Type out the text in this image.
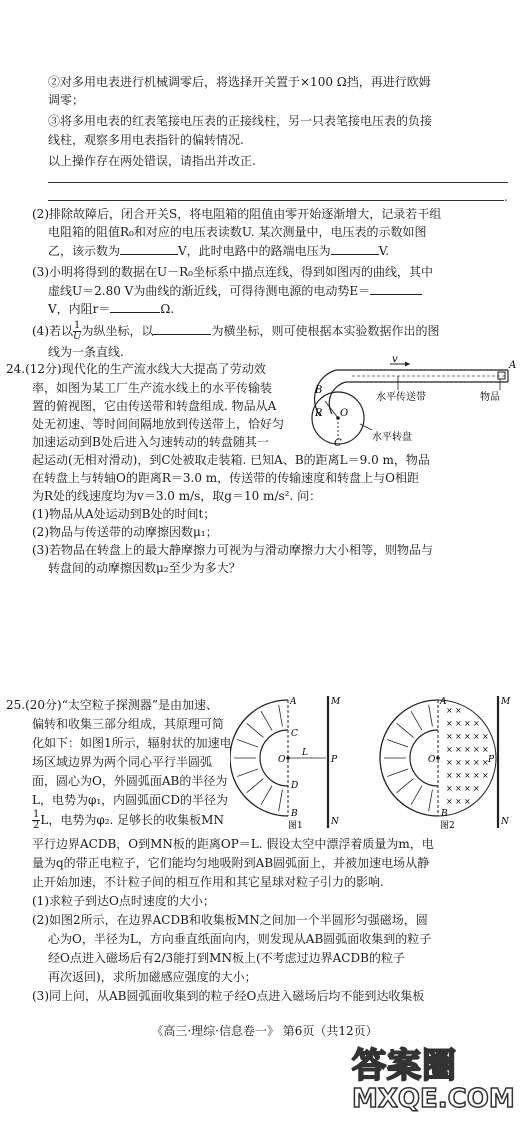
②对多用电表进行机械调零后，将选择开关置于×100 Ω挡，再进行欧姆
调零；
③将多用电表的红表笔接电压表的正接线柱，另一只表笔接电压表的负接
线柱，观察多用电表指针的偏转情况.
以上操作存在两处错误，请指出并改正.
.
(2)排除故障后，闭合开关S，将电阻箱的阻值由零开始逐渐增大，记录若干组
电阻箱的阻值R₀和对应的电压表读数U. 某次测量中，电压表的示数如图
乙，该示数为	V，此时电路中的路端电压为	V.
(3)小明将得到的数据在U－R₀坐标系中描点连线，得到如图丙的曲线，其中
虚线U＝2.80 V为曲线的渐近线，可得待测电源的电动势E＝
V，内阻r＝	Ω.
(4)若以 $\frac{1}{U}$ 为纵坐标，以	为横坐标，则可使根据本实验数据作出的图
线为一条直线.
24.(12分)现代化的生产流水线大大提高了劳动效
率，如图为某工厂生产流水线上的水平传输装
置的俯视图，它由传送带和转盘组成. 物品从A
处无初速、等时间间隔地放到传送带上，恰好匀
加速运动到B处后进入匀速转动的转盘随其一
起运动(无相对滑动)，到C处被取走装箱. 已知A、B的距离L＝9.0 m，物品
在转盘上与转轴O的距离R＝3.0 m，传送带的传输速度和转盘上与O相距
为R处的线速度均为v＝3.0 m/s，取g＝10 m/s². 问：
(1)物品从A处运动到B处的时间t；
(2)物品与传送带的动摩擦因数μ₁；
(3)若物品在转盘上的最大静摩擦力可视为与滑动摩擦力大小相等，则物品与
转盘间的动摩擦因数μ₂至少为多大？
v
A
B
R O
C
水平传送带	物品
水平转盘
25.(20分)“太空粒子探测器”是由加速、
偏转和收集三部分组成，其原理可简
化如下：如图1所示，辐射状的加速电
场区域边界为两个同心平行半圆弧
面，圆心为O，外圆弧面AB的半径为
L，电势为φ₁，内圆弧面CD的半径为
$\frac{1}{2}$ L，电势为φ₂. 足够长的收集板MN
平行边界ACDB，O到MN板的距离OP＝L. 假设太空中漂浮着质量为m，电
量为q的带正电粒子，它们能均匀地吸附到AB圆弧面上，并被加速电场从静
止开始加速，不计粒子间的相互作用和其它星球对粒子引力的影响.
(1)求粒子到达O点时速度的大小；
(2)如图2所示，在边界ACDB和收集板MN之间加一个半圆形匀强磁场，圆
心为O，半径为L，方向垂直纸面向内，则发现从AB圆弧面收集到的粒子
经O点进入磁场后有2/3能打到MN板上(不考虑过边界ACDB的粒子
再次返回)，求所加磁感应强度的大小；
(3)同上问，从AB圆弧面收集到的粒子经O点进入磁场后均不能到达收集板
A
C
O
D
B
L
P
M
N
图1
× ×
× × × ×
× × × × ×
× × × × ×
× × × × ×
× × × × ×
× × × ×
× × ×
A
O
B
P
M
N
图2
《高三·理综·信息卷一》 第6页（共12页）
答案圈
MXQE.COM
